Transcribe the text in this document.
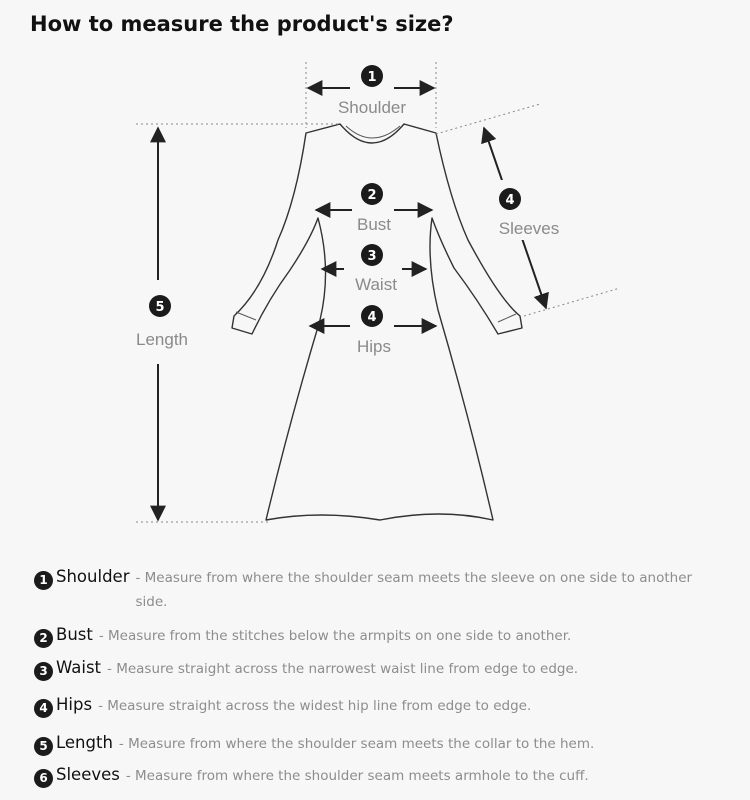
How to measure the product's size?
1
2
3
4
4
5
Shoulder
Bust
Waist
Hips
Sleeves
Length
1 Shoulder - Measure from where the shoulder seam meets the sleeve on one side to another side.
2 Bust - Measure from the stitches below the armpits on one side to another.
3 Waist - Measure straight across the narrowest waist line from edge to edge.
4 Hips - Measure straight across the widest hip line from edge to edge.
5 Length - Measure from where the shoulder seam meets the collar to the hem.
6 Sleeves - Measure from where the shoulder seam meets armhole to the cuff.
